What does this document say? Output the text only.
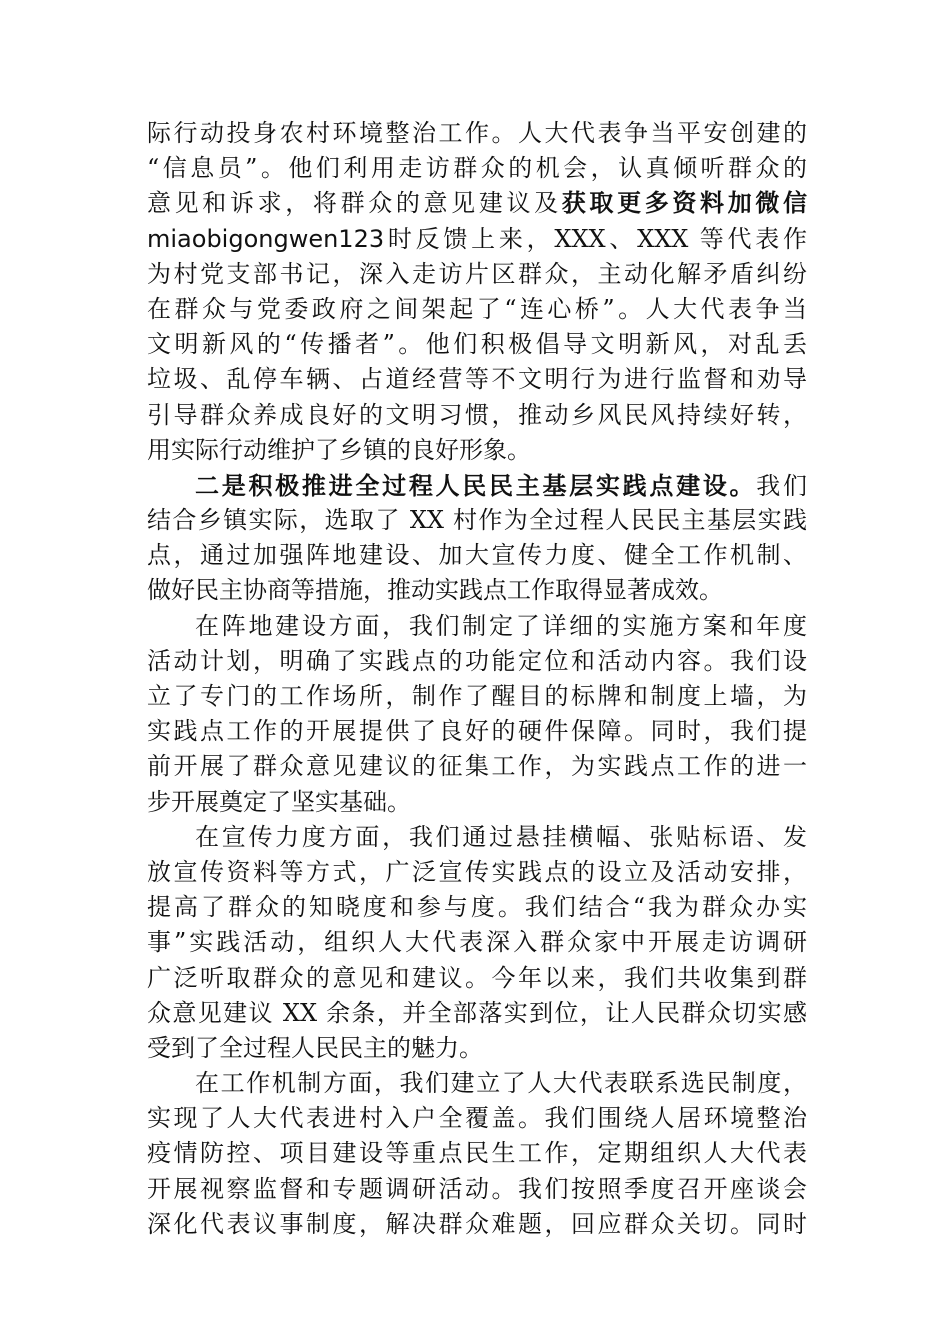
际行动投身农村环境整治工作。人大代表争当平安创建的
“信息员”。他们利用走访群众的机会，认真倾听群众的
意见和诉求，将群众的意见建议及获取更多资料加微信
miaobigongwen123时反馈上来，XXX、XXX 等代表作
为村党支部书记，深入走访片区群众，主动化解矛盾纠纷
在群众与党委政府之间架起了“连心桥”。人大代表争当
文明新风的“传播者”。他们积极倡导文明新风，对乱丢
垃圾、乱停车辆、占道经营等不文明行为进行监督和劝导
引导群众养成良好的文明习惯，推动乡风民风持续好转，
用实际行动维护了乡镇的良好形象。
二是积极推进全过程人民民主基层实践点建设。我们
结合乡镇实际，选取了 XX 村作为全过程人民民主基层实践
点，通过加强阵地建设、加大宣传力度、健全工作机制、
做好民主协商等措施，推动实践点工作取得显著成效。
在阵地建设方面，我们制定了详细的实施方案和年度
活动计划，明确了实践点的功能定位和活动内容。我们设
立了专门的工作场所，制作了醒目的标牌和制度上墙，为
实践点工作的开展提供了良好的硬件保障。同时，我们提
前开展了群众意见建议的征集工作，为实践点工作的进一
步开展奠定了坚实基础。
在宣传力度方面，我们通过悬挂横幅、张贴标语、发
放宣传资料等方式，广泛宣传实践点的设立及活动安排，
提高了群众的知晓度和参与度。我们结合“我为群众办实
事”实践活动，组织人大代表深入群众家中开展走访调研
广泛听取群众的意见和建议。今年以来，我们共收集到群
众意见建议 XX 余条，并全部落实到位，让人民群众切实感
受到了全过程人民民主的魅力。
在工作机制方面，我们建立了人大代表联系选民制度，
实现了人大代表进村入户全覆盖。我们围绕人居环境整治
疫情防控、项目建设等重点民生工作，定期组织人大代表
开展视察监督和专题调研活动。我们按照季度召开座谈会
深化代表议事制度，解决群众难题，回应群众关切。同时
